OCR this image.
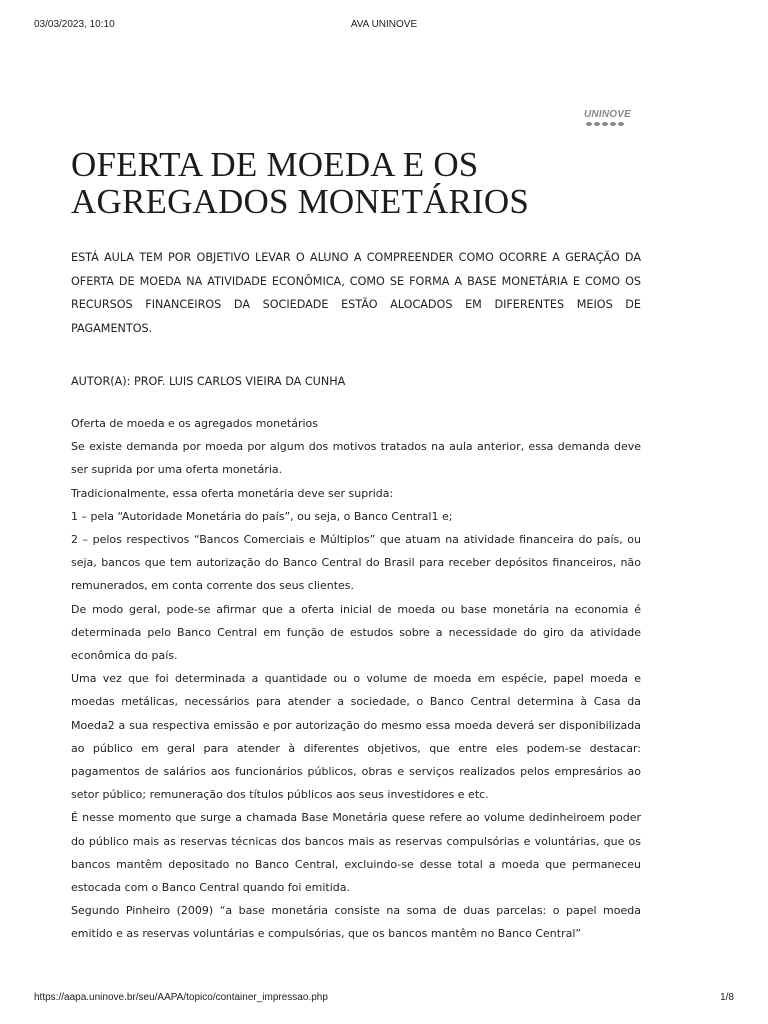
03/03/2023, 10:10	AVA UNINOVE
UNINOVE
OFERTA DE MOEDA E OS AGREGADOS MONETÁRIOS

ESTÁ AULA TEM POR OBJETIVO LEVAR O ALUNO A COMPREENDER COMO OCORRE A GERAÇÃO DA OFERTA DE MOEDA NA ATIVIDADE ECONÔMICA, COMO SE FORMA A BASE MONETÁRIA E COMO OS RECURSOS FINANCEIROS DA SOCIEDADE ESTÃO ALOCADOS EM DIFERENTES MEIOS DE PAGAMENTOS.

AUTOR(A): PROF. LUIS CARLOS VIEIRA DA CUNHA

Oferta de moeda e os agregados monetários

Se existe demanda por moeda por algum dos motivos tratados na aula anterior, essa demanda deve ser suprida por uma oferta monetária.

Tradicionalmente, essa oferta monetária deve ser suprida:

1 – pela “Autoridade Monetária do país”, ou seja, o Banco Central1 e;

2 – pelos respectivos “Bancos Comerciais e Múltiplos” que atuam na atividade financeira do país, ou seja, bancos que tem autorização do Banco Central do Brasil para receber depósitos financeiros, não remunerados, em conta corrente dos seus clientes.

De modo geral, pode-se afirmar que a oferta inicial de moeda ou base monetária na economia é determinada pelo Banco Central em função de estudos sobre a necessidade do giro da atividade econômica do país.

Uma vez que foi determinada a quantidade ou o volume de moeda em espécie, papel moeda e moedas metálicas, necessários para atender a sociedade, o Banco Central determina à Casa da Moeda2 a sua respectiva emissão e por autorização do mesmo essa moeda deverá ser disponibilizada ao público em geral para atender à diferentes objetivos, que entre eles podem-se destacar: pagamentos de salários aos funcionários públicos, obras e serviços realizados pelos empresários ao setor público; remuneração dos títulos públicos aos seus investidores e etc.

É nesse momento que surge a chamada Base Monetária quese refere ao volume dedinheiroem poder do público mais as reservas técnicas dos bancos mais as reservas compulsórias e voluntárias, que os bancos mantêm depositado no Banco Central, excluindo-se desse total a moeda que permaneceu estocada com o Banco Central quando foi emitida.

Segundo Pinheiro (2009) “a base monetária consiste na soma de duas parcelas: o papel moeda emitido e as reservas voluntárias e compulsórias, que os bancos mantêm no Banco Central”

https://aapa.uninove.br/seu/AAPA/topico/container_impressao.php	1/8
